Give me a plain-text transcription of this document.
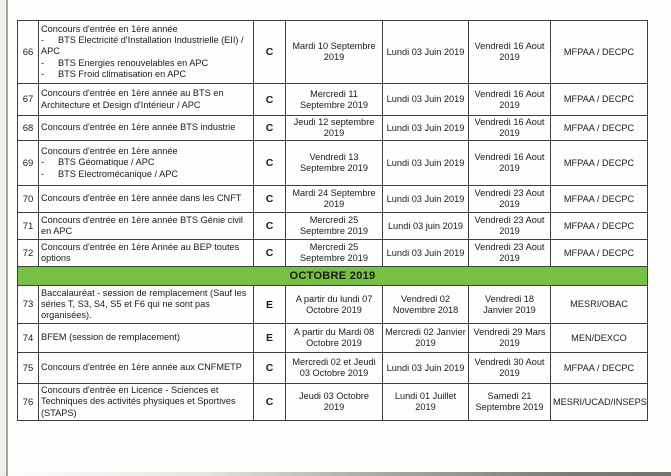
66	Concours d'entrée en 1ère année
- BTS Electricité d'Installation Industrielle (EII) / APC
- BTS Energies renouvelables en APC
- BTS Froid climatisation en APC	C	Mardi 10 Septembre 2019	Lundi 03 Juin 2019	Vendredi 16 Aout 2019	MFPAA / DECPC
67	Concours d'entrée en 1ère année au BTS en Architecture et Design d'Intérieur / APC	C	Mercredi 11 Septembre 2019	Lundi 03 Juin 2019	Vendredi 16 Aout 2019	MFPAA / DECPC
68	Concours d'entrée en 1ère année BTS industrie	C	Jeudi 12 septembre 2019	Lundi 03 Juin 2019	Vendredi 16 Aout 2019	MFPAA / DECPC
69	Concours d'entrée en 1ère année
- BTS Géomatique / APC
- BTS Electromécanique / APC	C	Vendredi 13 Septembre 2019	Lundi 03 Juin 2019	Vendredi 16 Aout 2019	MFPAA / DECPC
70	Concours d'entrée en 1ère année dans les CNFT	C	Mardi 24 Septembre 2019	Lundi 03 Juin 2019	Vendredi 23 Aout 2019	MFPAA / DECPC
71	Concours d'entrée en 1ère année BTS Génie civil en APC	C	Mercredi 25 Septembre 2019	Lundi 03 juin 2019	Vendredi 23 Aout 2019	MFPAA / DECPC
72	Concours d'entrée en 1ère Année au BEP toutes options	C	Mercredi 25 Septembre 2019	Lundi 03 Juin 2019	Vendredi 23 Aout 2019	MFPAA / DECPC
OCTOBRE 2019						
73	Baccalauréat - session de remplacement (Sauf les séries T, S3, S4, S5 et F6 qui ne sont pas organisées).	E	A partir du lundi 07 Octobre 2019	Vendredi 02 Novembre 2018	Vendredi 18 Janvier 2019	MESRI/OBAC
74	BFEM (session de remplacement)	E	A partir du Mardi 08 Octobre 2019	Mercredi 02 Janvier 2019	Vendredi 29 Mars 2019	MEN/DEXCO
75	Concours d'entrée en 1ère année aux CNFMETP	C	Mercredi 02 et Jeudi 03 Octobre 2019	Lundi 03 Juin 2019	Vendredi 30 Aout 2019	MFPAA / DECPC
76	Concours d'entrée en Licence - Sciences et Techniques des activités physiques et Sportives (STAPS)	C	Jeudi 03 Octobre 2019	Lundi 01 Juillet 2019	Samedi 21 Septembre 2019	MESRI/UCAD/INSEPS
